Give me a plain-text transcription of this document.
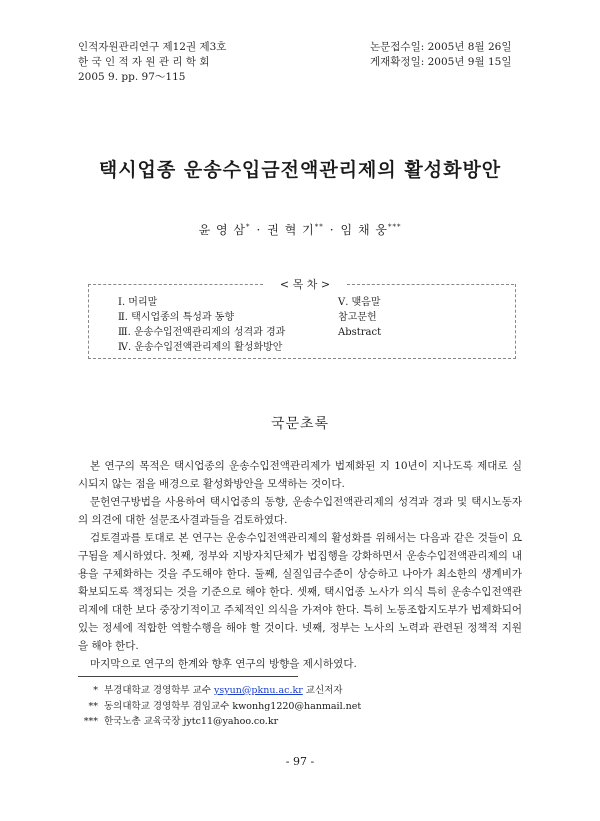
인적자원관리연구 제12권 제3호
한 국 인 적 자 원 관 리 학 회
2005 9. pp. 97～115
논문접수일: 2005년 8월 26일
게재확정일: 2005년 9월 15일
택시업종 운송수입금전액관리제의 활성화방안
윤 영 삼* · 권 혁 기** · 임 채 웅***
< 목 차 >
Ⅰ. 머리말
Ⅱ. 택시업종의 특성과 동향
Ⅲ. 운송수입전액관리제의 성격과 경과
Ⅳ. 운송수입전액관리제의 활성화방안
Ⅴ. 맺음말
참고문헌
Abstract
국문초록

본 연구의 목적은 택시업종의 운송수입전액관리제가 법제화된 지 10년이 지나도록 제대로 실시되지 않는 점을 배경으로 활성화방안을 모색하는 것이다.

문헌연구방법을 사용하여 택시업종의 동향, 운송수입전액관리제의 성격과 경과 및 택시노동자의 의견에 대한 설문조사결과들을 검토하였다.

검토결과를 토대로 본 연구는 운송수입전액관리제의 활성화를 위해서는 다음과 같은 것들이 요구됨을 제시하였다. 첫째, 정부와 지방자치단체가 법집행을 강화하면서 운송수입전액관리제의 내용을 구체화하는 것을 주도해야 한다. 둘째, 실질임금수준이 상승하고 나아가 최소한의 생계비가 확보되도록 책정되는 것을 기준으로 해야 한다. 셋째, 택시업종 노사가 의식 특히 운송수입전액관리제에 대한 보다 중장기적이고 주체적인 의식을 가져야 한다. 특히 노동조합지도부가 법제화되어 있는 정세에 적합한 역할수행을 해야 할 것이다. 넷째, 정부는 노사의 노력과 관련된 정책적 지원을 해야 한다.

마지막으로 연구의 한계와 향후 연구의 방향을 제시하였다.

* 부경대학교 경영학부 교수 ysyun@pknu.ac.kr 교신저자
** 동의대학교 경영학부 겸임교수 kwonhg1220@hanmail.net
*** 한국노총 교육국장 jytc11@yahoo.co.kr
- 97 -
